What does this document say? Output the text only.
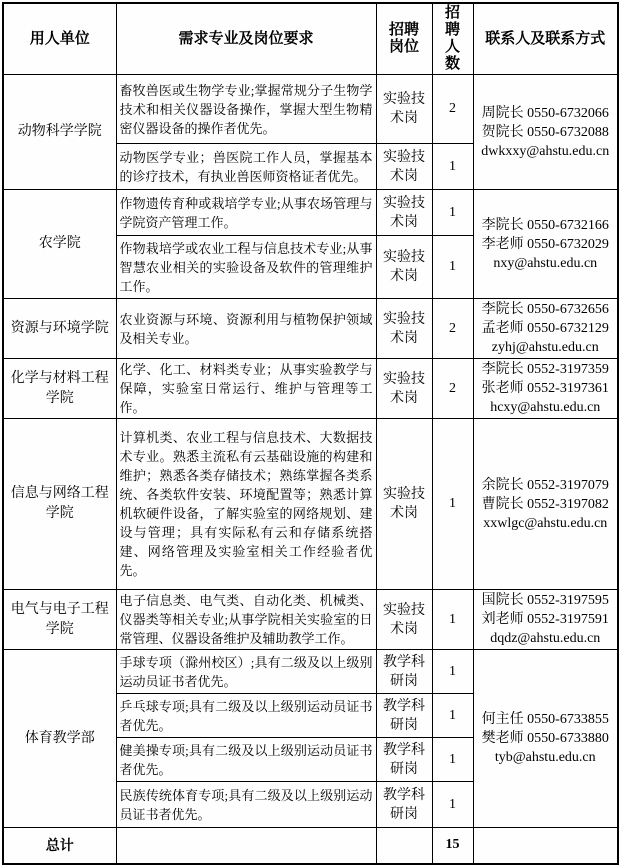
用人单位	需求专业及岗位要求	招聘岗位	招聘人数	联系人及联系方式
动物科学学院	畜牧兽医或生物学专业;掌握常规分子生物学技术和相关仪器设备操作，掌握大型生物精密仪器设备的操作者优先。	实验技术岗	2	周院长 0550-6732066
贺院长 0550-6732088
dwkxxy@ahstu.edu.cn

	动物医学专业；兽医院工作人员，掌握基本的诊疗技术，有执业兽医师资格证者优先。	实验技术岗	1	
农学院	作物遗传育种或栽培学专业;从事农场管理与学院资产管理工作。	实验技术岗	1	李院长 0550-6732166
李老师 0550-6732029
nxy@ahstu.edu.cn

	作物栽培学或农业工程与信息技术专业;从事智慧农业相关的实验设备及软件的管理维护工作。	实验技术岗	1	
资源与环境学院	农业资源与环境、资源利用与植物保护领域及相关专业。	实验技术岗	2	李院长 0550-6732656
孟老师 0550-6732129
zyhj@ahstu.edu.cn

化学与材料工程学院	化学、化工、材料类专业；从事实验教学与保障，实验室日常运行、维护与管理等工作。	实验技术岗	2	李院长 0552-3197359
张老师 0552-3197361
hcxy@ahstu.edu.cn

信息与网络工程学院	计算机类、农业工程与信息技术、大数据技术专业。熟悉主流私有云基础设施的构建和维护；熟悉各类存储技术；熟练掌握各类系统、各类软件安装、环境配置等；熟悉计算机软硬件设备，了解实验室的网络规划、建设与管理；具有实际私有云和存储系统搭建、网络管理及实验室相关工作经验者优先。	实验技术岗	1	余院长 0552-3197079
曹院长 0552-3197082
xxwlgc@ahstu.edu.cn

电气与电子工程学院	电子信息类、电气类、自动化类、机械类、仪器类等相关专业;从事学院相关实验室的日常管理、仪器设备维护及辅助教学工作。	实验技术岗	1	国院长 0552-3197595
刘老师 0552-3197591
dqdz@ahstu.edu.cn

体育教学部	手球专项（滁州校区）;具有二级及以上级别运动员证书者优先。	教学科研岗	1	何主任 0550-6733855
樊老师 0550-6733880
tyb@ahstu.edu.cn

	乒乓球专项;具有二级及以上级别运动员证书者优先。	教学科研岗	1	
	健美操专项;具有二级及以上级别运动员证书者优先。	教学科研岗	1	
	民族传统体育专项;具有二级及以上级别运动员证书者优先。	教学科研岗	1	
总计			15	
